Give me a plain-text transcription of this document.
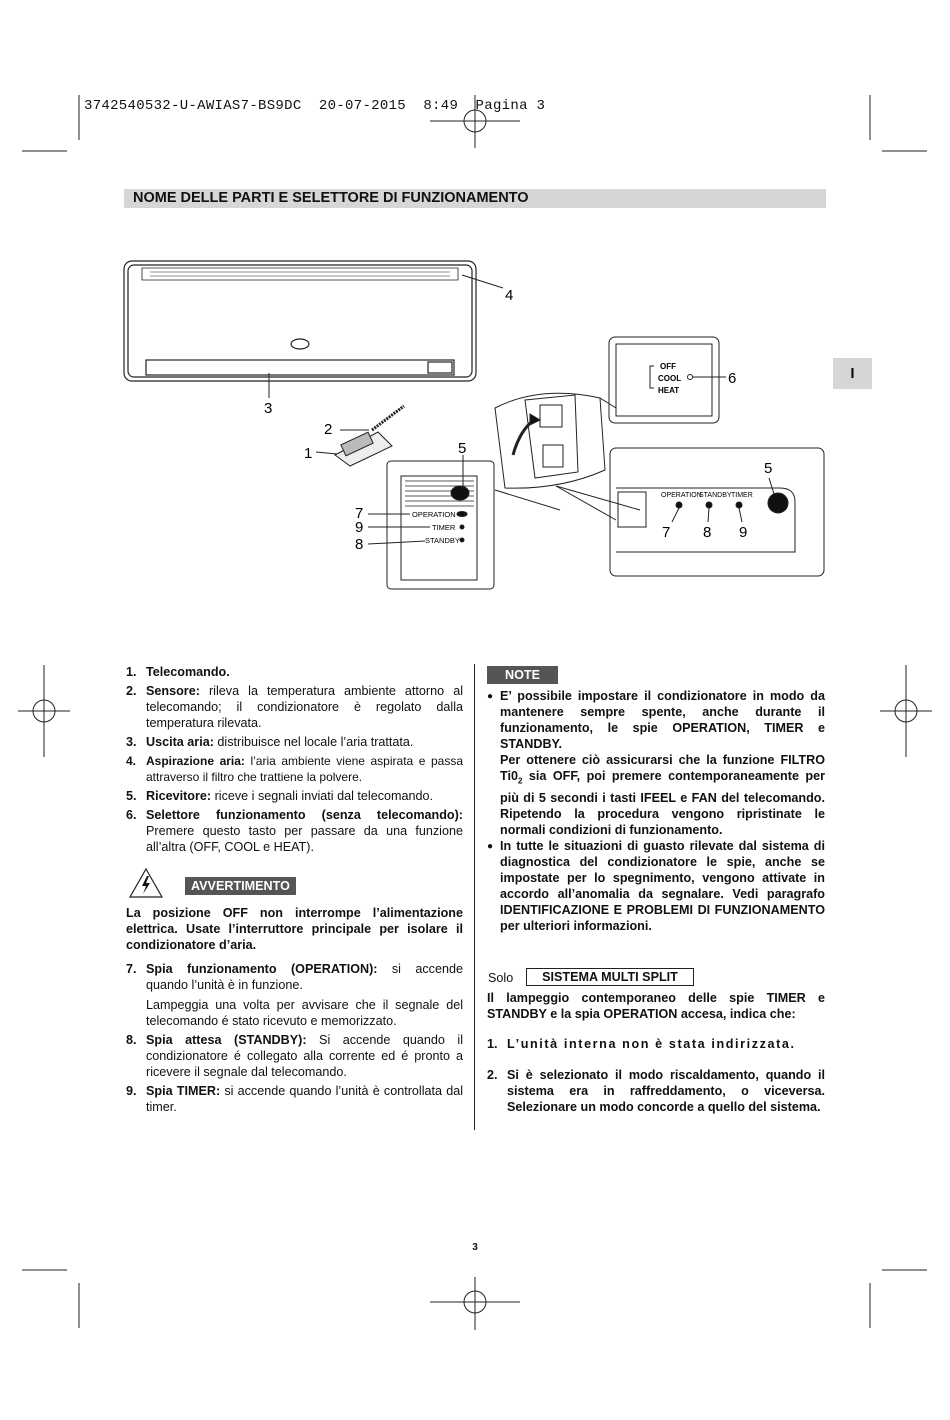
3742540532-U-AWIAS7-BS9DC  20-07-2015  8:49  Pagina 3
NOME DELLE PARTI E SELETTORE DI FUNZIONAMENTO
I
4
3
2
1	5
OPERATION
TIMER
STANDBY
7
9
8
OFF
COOL
HEAT
6
OPERATION
STANDBY TIMER
5
7 8 9
1. Telecomando.
2. Sensore: rileva la temperatura ambiente attorno al telecomando; il condizionatore è regolato dalla temperatura rilevata.
3. Uscita aria: distribuisce nel locale l’aria trattata.
4. Aspirazione aria: l’aria ambiente viene aspirata e passa attraverso il filtro che trattiene la polvere.
5. Ricevitore: riceve i segnali inviati dal telecomando.
6. Selettore funzionamento (senza telecomando): Premere questo tasto per passare da una funzione all’altra (OFF, COOL e HEAT).
AVVERTIMENTO

La posizione OFF non interrompe l’alimentazione elettrica. Usate l’interruttore principale per isolare il condizionatore d’aria.

7. Spia funzionamento (OPERATION): si accende quando l’unità è in funzione.
Lampeggia una volta per avvisare che il segnale del telecomando é stato ricevuto e memorizzato.
8. Spia attesa (STANDBY): Si accende quando il condizionatore é collegato alla corrente ed é pronto a ricevere il segnale dal telecomando.
9. Spia TIMER: si accende quando l’unità è controllata dal timer.
NOTE
● E’ possibile impostare il condizionatore in modo da mantenere sempre spente, anche durante il funzionamento, le spie OPERATION, TIMER e STANDBY.
Per ottenere ciò assicurarsi che la funzione FILTRO $Ti0_2$ sia OFF, poi premere contemporaneamente per più di 5 secondi i tasti IFEEL e FAN del telecomando. Ripetendo la procedura vengono ripristinate le normali condizioni di funzionamento.
● In tutte le situazioni di guasto rilevate dal sistema di diagnostica del condizionatore le spie, anche se impostate per lo spegnimento, vengono attivate in accordo all’anomalia da segnalare. Vedi paragrafo IDENTIFICAZIONE E PROBLEMI DI FUNZIONAMENTO per ulteriori informazioni.
Solo	SISTEMA MULTI SPLIT

Il lampeggio contemporaneo delle spie TIMER e STANDBY e la spia OPERATION accesa, indica che:

1. L’unità interna non è stata indirizzata.
2. Si è selezionato il modo riscaldamento, quando il sistema era in raffreddamento, o viceversa. Selezionare un modo concorde a quello del sistema.
3
